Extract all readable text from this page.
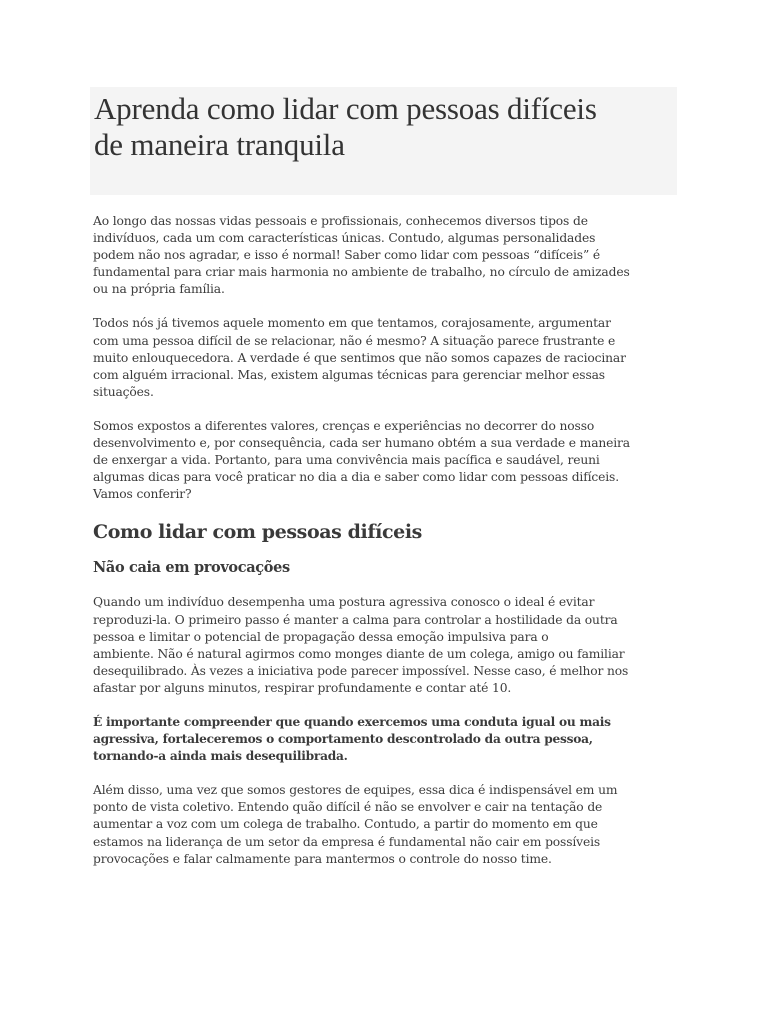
Aprenda como lidar com pessoas difíceis
de maneira tranquila

Ao longo das nossas vidas pessoais e profissionais, conhecemos diversos tipos de
indivíduos, cada um com características únicas. Contudo, algumas personalidades
podem não nos agradar, e isso é normal! Saber como lidar com pessoas “difíceis” é
fundamental para criar mais harmonia no ambiente de trabalho, no círculo de amizades
ou na própria família.

Todos nós já tivemos aquele momento em que tentamos, corajosamente, argumentar
com uma pessoa difícil de se relacionar, não é mesmo? A situação parece frustrante e
muito enlouquecedora. A verdade é que sentimos que não somos capazes de raciocinar
com alguém irracional. Mas, existem algumas técnicas para gerenciar melhor essas
situações.

Somos expostos a diferentes valores, crenças e experiências no decorrer do nosso
desenvolvimento e, por consequência, cada ser humano obtém a sua verdade e maneira
de enxergar a vida. Portanto, para uma convivência mais pacífica e saudável, reuni
algumas dicas para você praticar no dia a dia e saber como lidar com pessoas difíceis.
Vamos conferir?

Como lidar com pessoas difíceis
Não caia em provocações

Quando um indivíduo desempenha uma postura agressiva conosco o ideal é evitar
reproduzi-la. O primeiro passo é manter a calma para controlar a hostilidade da outra
pessoa e limitar o potencial de propagação dessa emoção impulsiva para o
ambiente. Não é natural agirmos como monges diante de um colega, amigo ou familiar
desequilibrado. Às vezes a iniciativa pode parecer impossível. Nesse caso, é melhor nos
afastar por alguns minutos, respirar profundamente e contar até 10.

É importante compreender que quando exercemos uma conduta igual ou mais
agressiva, fortaleceremos o comportamento descontrolado da outra pessoa,
tornando-a ainda mais desequilibrada.

Além disso, uma vez que somos gestores de equipes, essa dica é indispensável em um
ponto de vista coletivo. Entendo quão difícil é não se envolver e cair na tentação de
aumentar a voz com um colega de trabalho. Contudo, a partir do momento em que
estamos na liderança de um setor da empresa é fundamental não cair em possíveis
provocações e falar calmamente para mantermos o controle do nosso time.
